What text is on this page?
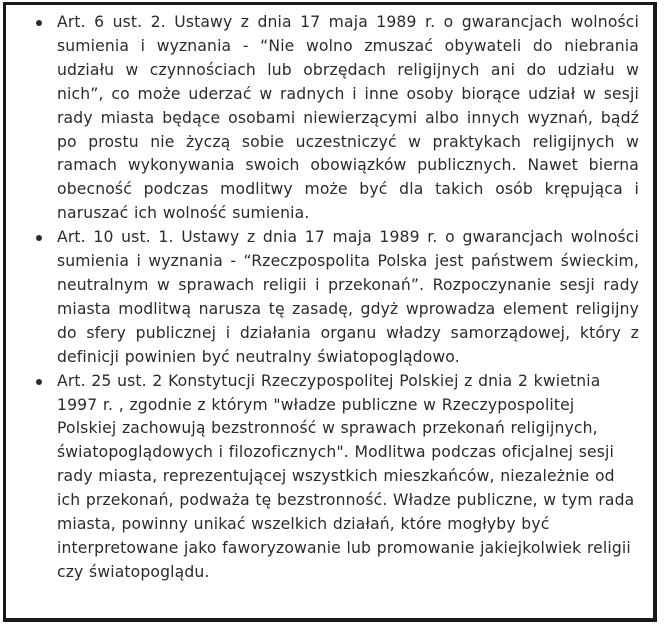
Art. 6 ust. 2. Ustawy z dnia 17 maja 1989 r. o gwarancjach wolności sumienia i wyznania - “Nie wolno zmuszać obywateli do niebrania udziału w czynnościach lub obrzędach religijnych ani do udziału w nich”, co może uderzać w radnych i inne osoby biorące udział w sesji rady miasta będące osobami niewierzącymi albo innych wyznań, bądź po prostu nie życzą sobie uczestniczyć w praktykach religijnych w ramach wykonywania swoich obowiązków publicznych. Nawet bierna obecność podczas modlitwy może być dla takich osób krępująca i naruszać ich wolność sumienia.
Art. 10 ust. 1. Ustawy z dnia 17 maja 1989 r. o gwarancjach wolności sumienia i wyznania - “Rzeczpospolita Polska jest państwem świeckim, neutralnym w sprawach religii i przekonań”. Rozpoczynanie sesji rady miasta modlitwą narusza tę zasadę, gdyż wprowadza element religijny do sfery publicznej i działania organu władzy samorządowej, który z definicji powinien być neutralny światopoglądowo.
Art. 25 ust. 2 Konstytucji Rzeczypospolitej Polskiej z dnia 2 kwietnia 1997 r. , zgodnie z którym "władze publiczne w Rzeczypospolitej Polskiej zachowują bezstronność w sprawach przekonań religijnych, światopoglądowych i filozoficznych". Modlitwa podczas oficjalnej sesji rady miasta, reprezentującej wszystkich mieszkańców, niezależnie od ich przekonań, podważa tę bezstronność. Władze publiczne, w tym rada miasta, powinny unikać wszelkich działań, które mogłyby być interpretowane jako faworyzowanie lub promowanie jakiejkolwiek religii czy światopoglądu.
